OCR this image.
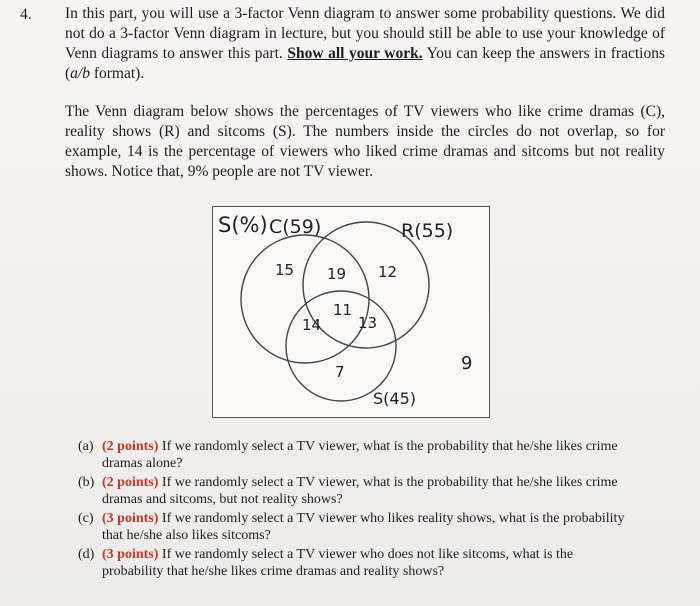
4. In this part, you will use a 3-factor Venn diagram to answer some probability questions. We did not do a 3-factor Venn diagram in lecture, but you should still be able to use your knowledge of Venn diagrams to answer this part. Show all your work. You can keep the answers in fractions (a/b format).
The Venn diagram below shows the percentages of TV viewers who like crime dramas (C), reality shows (R) and sitcoms (S). The numbers inside the circles do not overlap, so for example, 14 is the percentage of viewers who liked crime dramas and sitcoms but not reality shows. Notice that, 9% people are not TV viewer.
S(%) C(59)	R(55)
S(45)
15 19 12
11
14 13
7	9
(a) (2 points) If we randomly select a TV viewer, what is the probability that he/she likes crime dramas alone?
(b) (2 points) If we randomly select a TV viewer, what is the probability that he/she likes crime dramas and sitcoms, but not reality shows?
(c) (3 points) If we randomly select a TV viewer who likes reality shows, what is the probability that he/she also likes sitcoms?
(d) (3 points) If we randomly select a TV viewer who does not like sitcoms, what is the probability that he/she likes crime dramas and reality shows?
